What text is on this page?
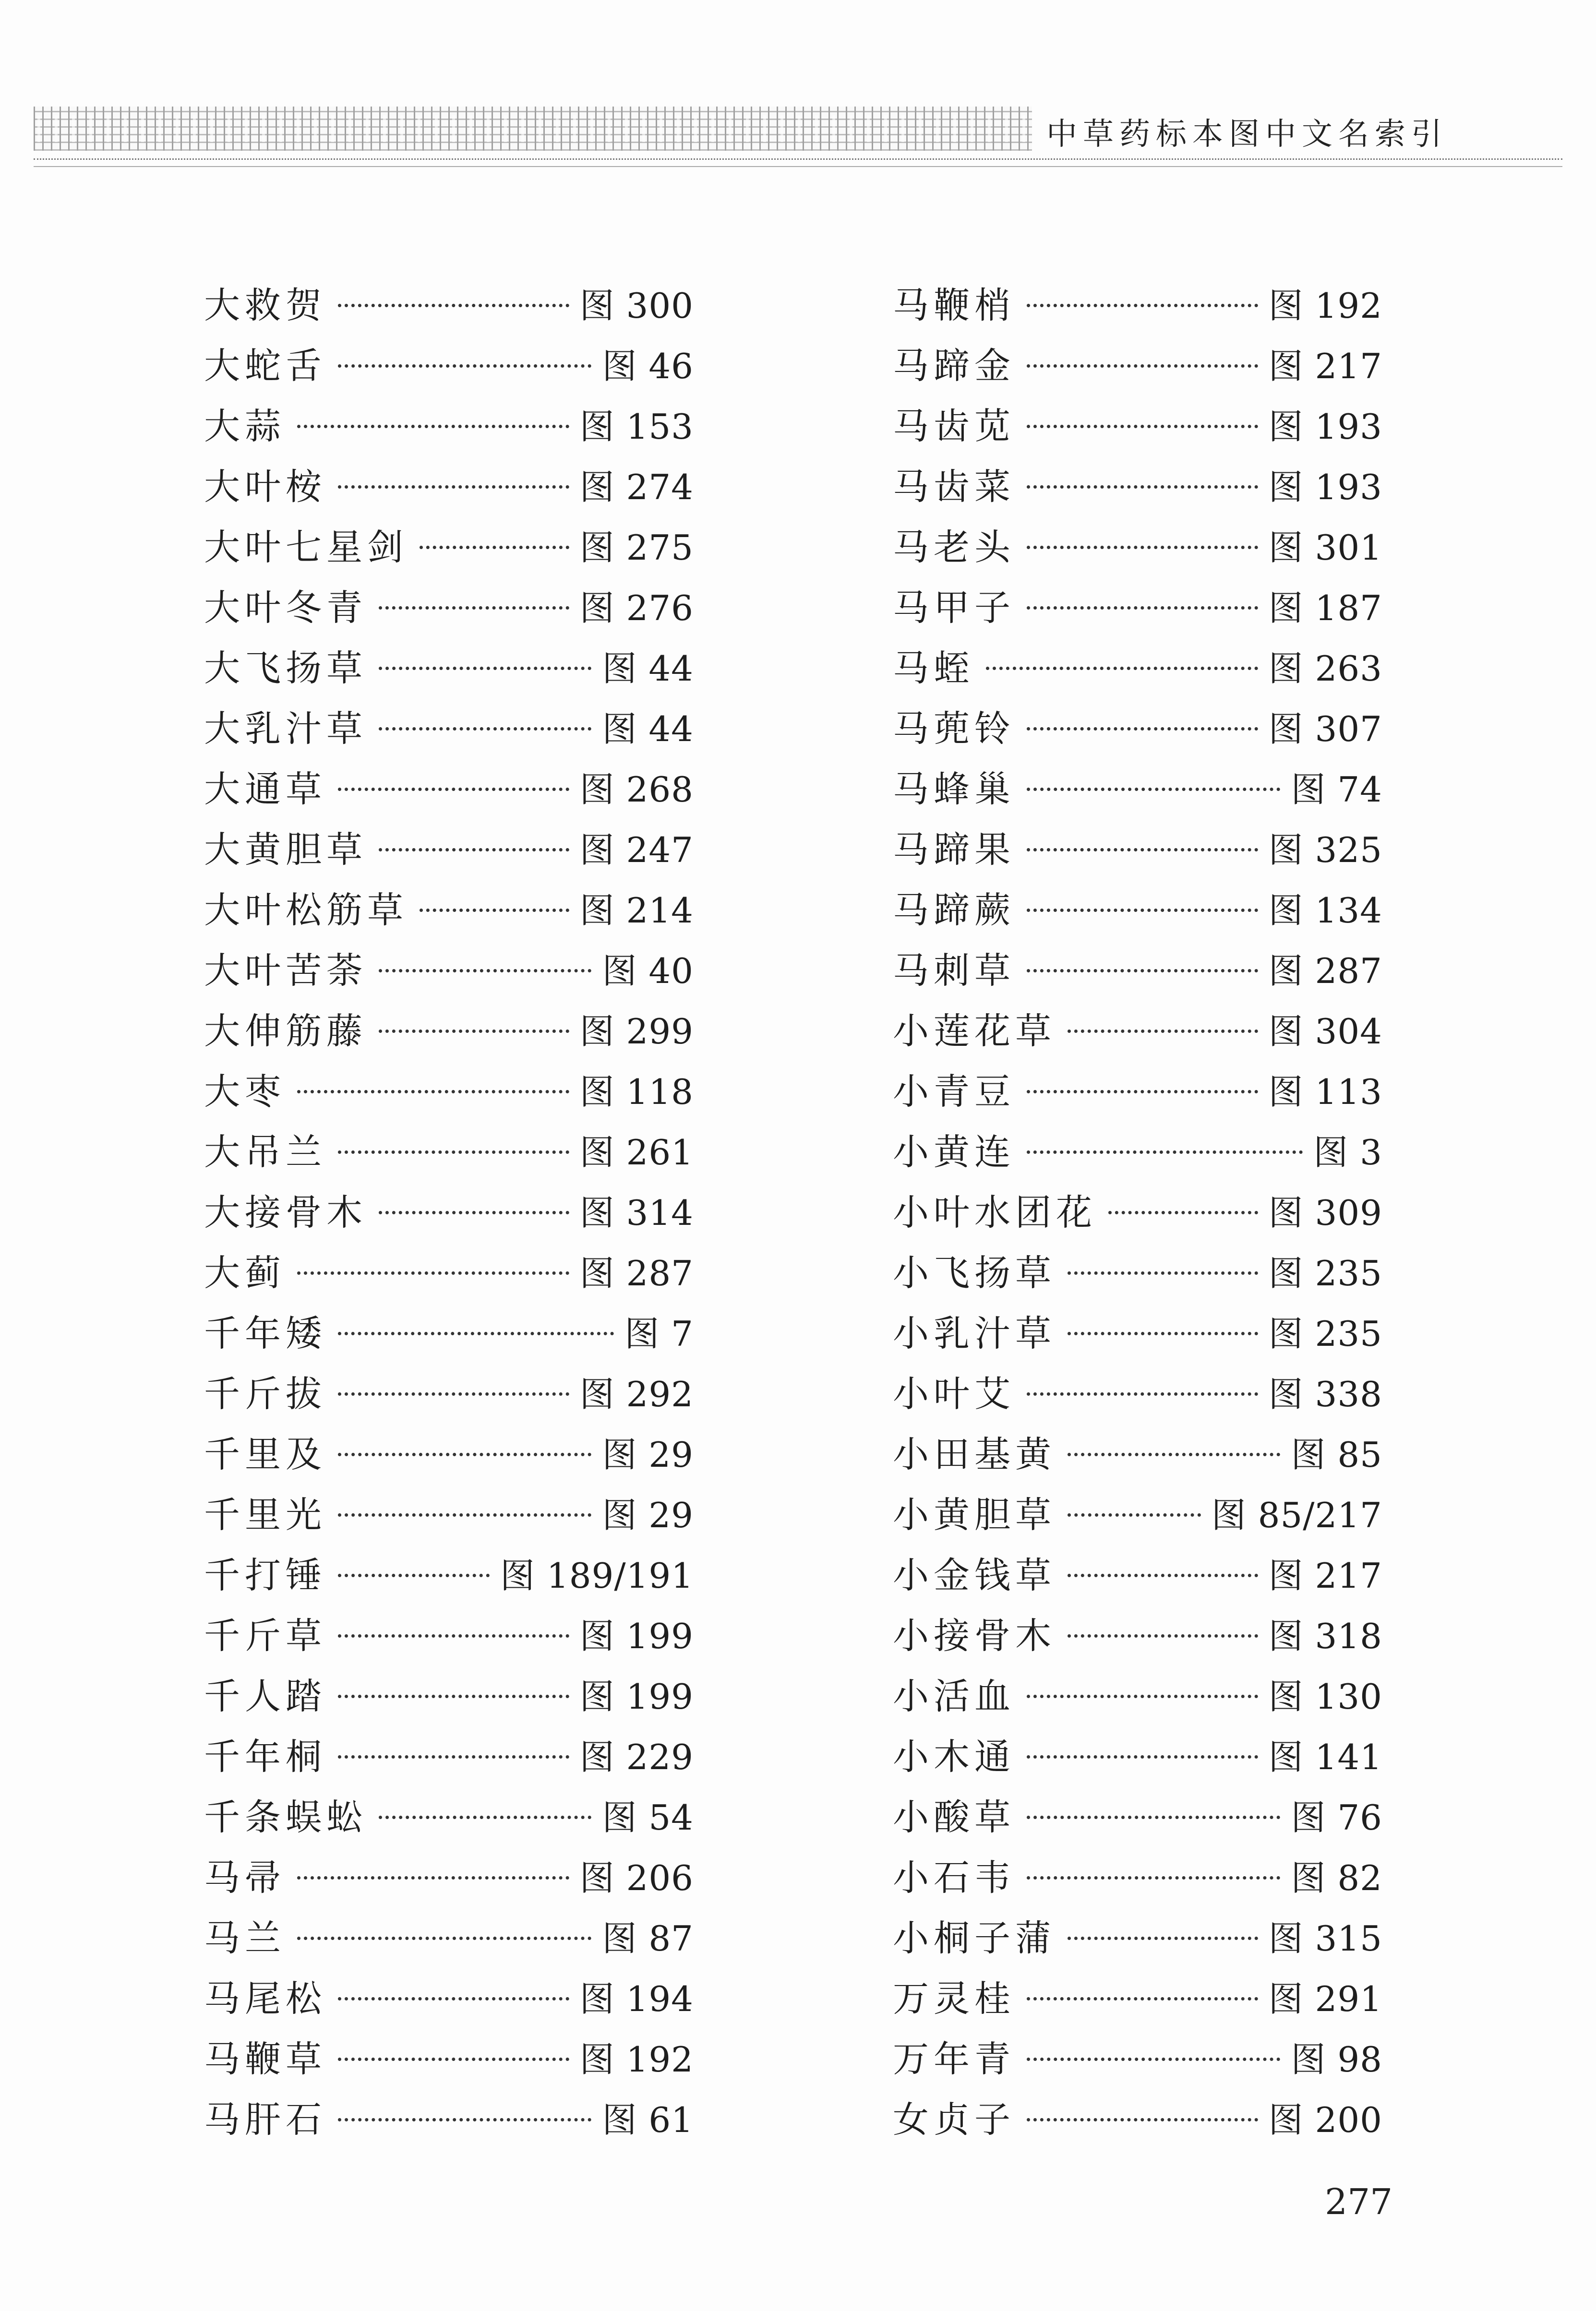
中草药标本图中文名索引
大救贺	图 300
大蛇舌	图 46
大蒜	图 153
大叶桉	图 274
大叶七星剑	图 275
大叶冬青	图 276
大飞扬草	图 44
大乳汁草	图 44
大通草	图 268
大黄胆草	图 247
大叶松筋草	图 214
大叶苦荼	图 40
大伸筋藤	图 299
大枣	图 118
大吊兰	图 261
大接骨木	图 314
大蓟	图 287
千年矮	图 7
千斤拔	图 292
千里及	图 29
千里光	图 29
千打锤	图 189/191
千斤草	图 199
千人踏	图 199
千年桐	图 229
千条蜈蚣	图 54
马帚	图 206
马兰	图 87
马尾松	图 194
马鞭草	图 192
马肝石	图 61
马鞭梢	图 192
马蹄金	图 217
马齿苋	图 193
马齿菜	图 193
马老头	图 301
马甲子	图 187
马蛭	图 263
马蔸铃	图 307
马蜂巢	图 74
马蹄果	图 325
马蹄蕨	图 134
马刺草	图 287
小莲花草	图 304
小青豆	图 113
小黄连	图 3
小叶水团花	图 309
小飞扬草	图 235
小乳汁草	图 235
小叶艾	图 338
小田基黄	图 85
小黄胆草	图 85/217
小金钱草	图 217
小接骨木	图 318
小活血	图 130
小木通	图 141
小酸草	图 76
小石韦	图 82
小桐子蒲	图 315
万灵桂	图 291
万年青	图 98
女贞子	图 200
277
